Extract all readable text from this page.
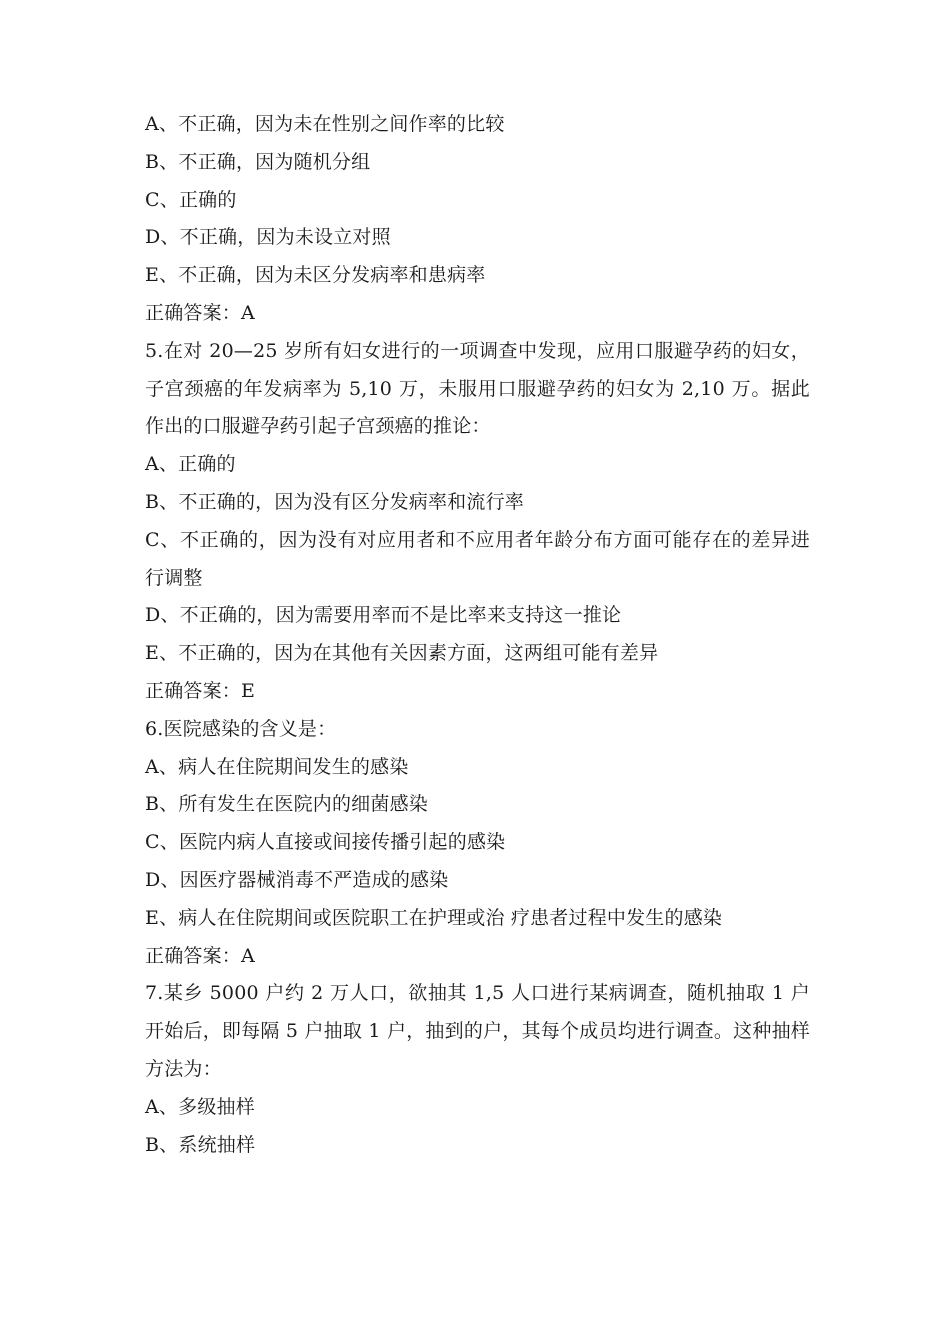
A、不正确，因为未在性别之间作率的比较

B、不正确，因为随机分组

C、正确的

D、不正确，因为未设立对照

E、不正确，因为未区分发病率和患病率

正确答案：A

5.在对 20—25 岁所有妇女进行的一项调查中发现，应用口服避孕药的妇女， 子宫颈癌的年发病率为 5,10 万，未服用口服避孕药的妇女为 2,10 万。据此作出的口服避孕药引起子宫颈癌的推论：

A、正确的

B、不正确的，因为没有区分发病率和流行率

C、不正确的，因为没有对应用者和不应用者年龄分布方面可能存在的差异进行调整

D、不正确的，因为需要用率而不是比率来支持这一推论

E、不正确的，因为在其他有关因素方面，这两组可能有差异

正确答案：E

6.医院感染的含义是：

A、病人在住院期间发生的感染

B、所有发生在医院内的细菌感染

C、医院内病人直接或间接传播引起的感染

D、因医疗器械消毒不严造成的感染

E、病人在住院期间或医院职工在护理或治 疗患者过程中发生的感染

正确答案：A

7.某乡 5000 户约 2 万人口，欲抽其 1,5 人口进行某病调查，随机抽取 1 户开始后，即每隔 5 户抽取 1 户，抽到的户，其每个成员均进行调查。这种抽样 方法为：

A、多级抽样

B、系统抽样
